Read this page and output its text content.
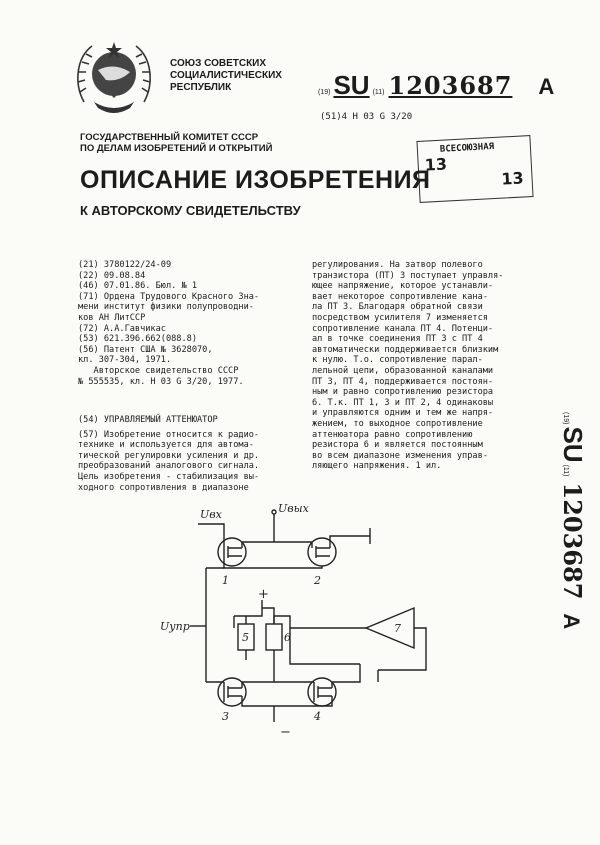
СОЮЗ СОВЕТСКИХ
СОЦИАЛИСТИЧЕСКИХ
РЕСПУБЛИК	(19) SU (11) 1203687 A
(51)4 H 03 G 3/20
ГОСУДАРСТВЕННЫЙ КОМИТЕТ СССР
ПО ДЕЛАМ ИЗОБРЕТЕНИЙ И ОТКРЫТИЙ	ВСЕСОЮЗНАЯ
13
13
ОПИСАНИЕ ИЗОБРЕТЕНИЯ
К АВТОРСКОМУ СВИДЕТЕЛЬСТВУ
(21) 3780122/24-09
(22) 09.08.84
(46) 07.01.86. Бюл. № 1
(71) Ордена Трудового Красного Зна-
мени институт физики полупроводни-
ков АН ЛитССР
(72) А.А.Гавчикас
(53) 621.396.662(088.8)
(56) Патент США № 3628070,
кл. 307-304, 1971.
Авторское свидетельство СССР
№ 555535, кл. H 03 G 3/20, 1977.
(54) УПРАВЛЯЕМЫЙ АТТЕНЮАТОР
(57) Изобретение относится к радио-
технике и используется для автома-
тической регулировки усиления и др.
преобразований аналогового сигнала.
Цель изобретения - стабилизация вы-
ходного сопротивления в диапазоне
регулирования. На затвор полевого
транзистора (ПТ) 3 поступает управля-
ющее напряжение, которое устанавли-
вает некоторое сопротивление кана-
ла ПТ 3. Благодаря обратной связи
посредством усилителя 7 изменяется
сопротивление канала ПТ 4. Потенци-
ал в точке соединения ПТ 3 с ПТ 4
автоматически поддерживается близким
к нулю. Т.о. сопротивление парал-
лельной цепи, образованной каналами
ПТ 3, ПТ 4, поддерживается постоян-
ным и равно сопротивлению резистора
6. Т.к. ПТ 1, 3 и ПТ 2, 4 одинаковы
и управляются одним и тем же напря-
жением, то выходное сопротивление
аттенюатора равно сопротивлению
резистора 6 и является постоянным
во всем диапазоне изменения управ-
ляющего напряжения. 1 ил.
(19)
SU
(11)
1203687
A
Uвх	Uвых
Uупр
+
−
1	2
3	4
5	6
7
